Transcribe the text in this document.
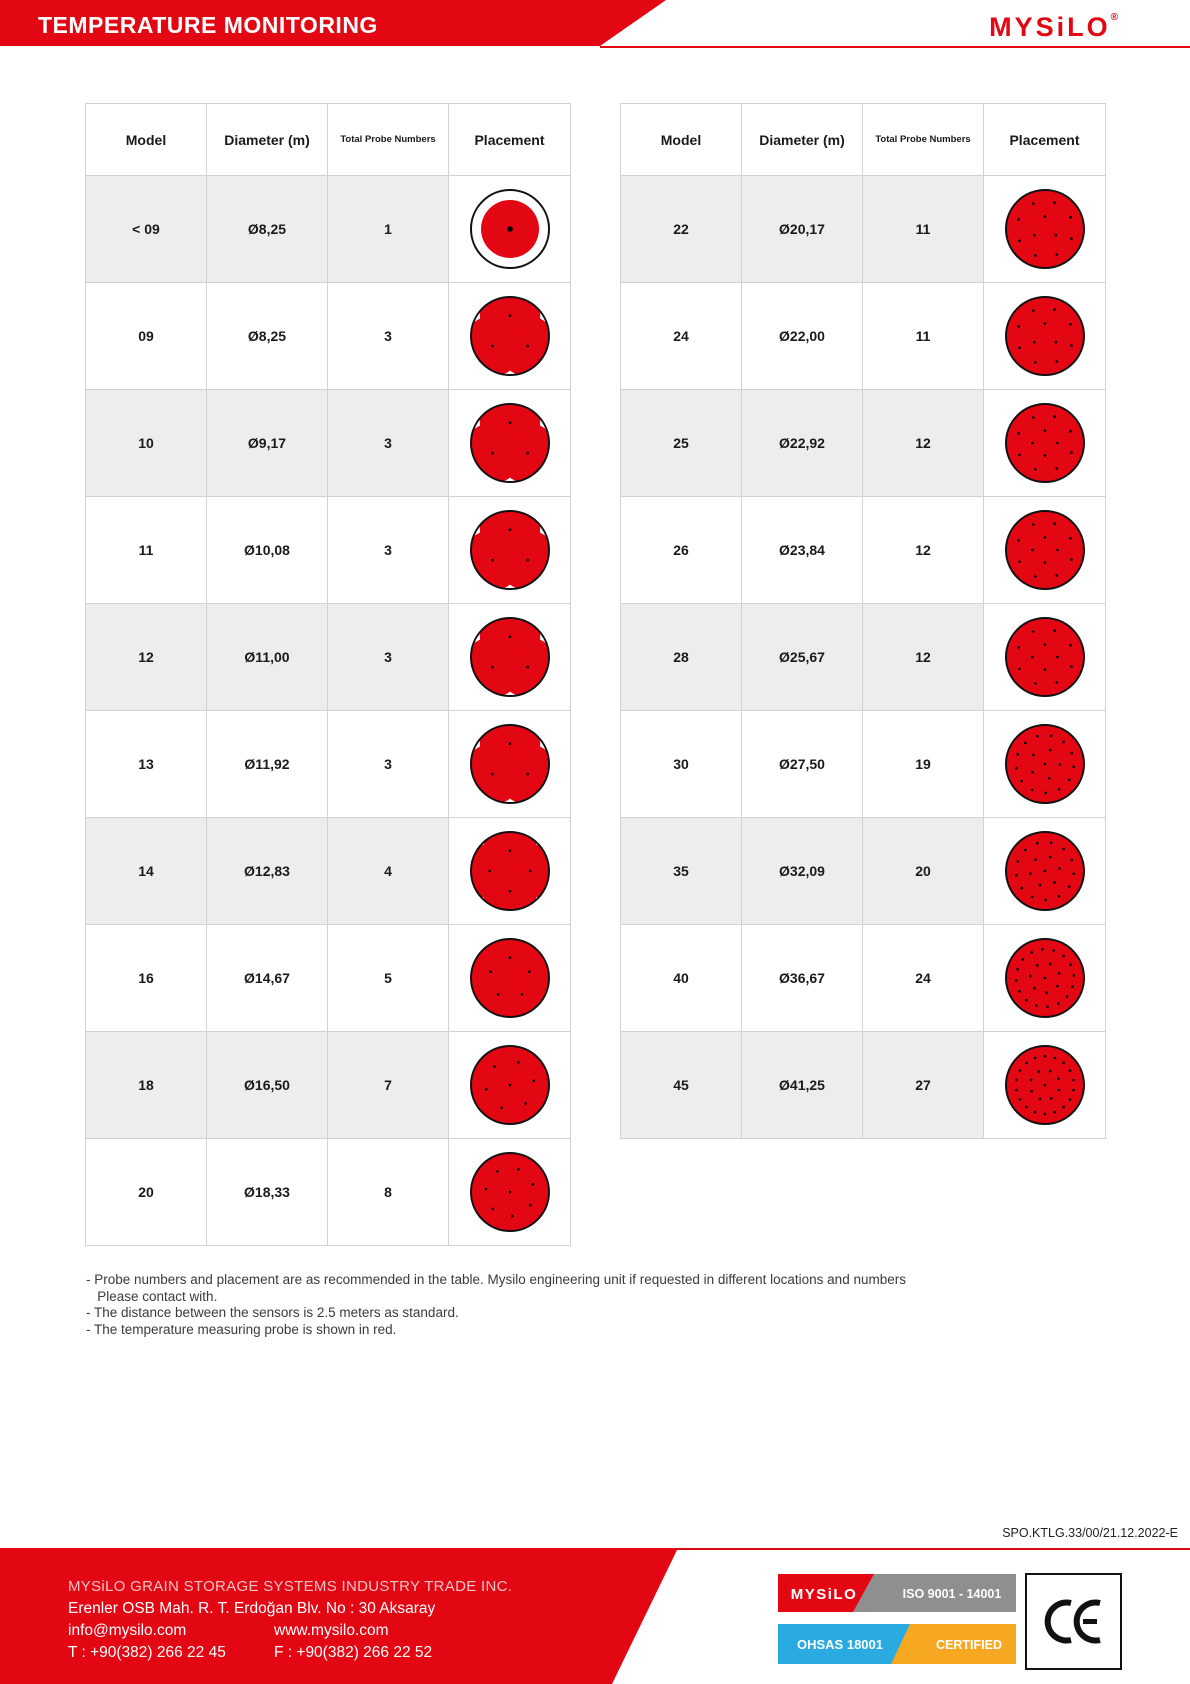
TEMPERATURE MONITORING	MYSiLO®
Model	Diameter (m)	Total Probe Numbers	Placement
< 09	Ø8,25	1	

09	Ø8,25	3	

10	Ø9,17	3	

11	Ø10,08	3	

12	Ø11,00	3	

13	Ø11,92	3	

14	Ø12,83	4	

16	Ø14,67	5	

18	Ø16,50	7	

20	Ø18,33	8	
Model	Diameter (m)	Total Probe Numbers	Placement
22	Ø20,17	11	

24	Ø22,00	11	

25	Ø22,92	12	

26	Ø23,84	12	

28	Ø25,67	12	

30	Ø27,50	19	

35	Ø32,09	20	

40	Ø36,67	24	

45	Ø41,25	27	
- Probe numbers and placement are as recommended in the table. Mysilo engineering unit if requested in different locations and numbers
Please contact with.
- The distance between the sensors is 2.5 meters as standard.
- The temperature measuring probe is shown in red.
SPO.KTLG.33/00/21.12.2022-E
MYSiLO GRAIN STORAGE SYSTEMS INDUSTRY TRADE INC.
Erenler OSB Mah. R. T. Erdoğan Blv. No : 30 Aksaray
info@mysilo.com	www.mysilo.com
T : +90(382) 266 22 45	F : +90(382) 266 22 52
MYSiLO	ISO 9001 - 14001
OHSAS 18001	CERTIFIED
